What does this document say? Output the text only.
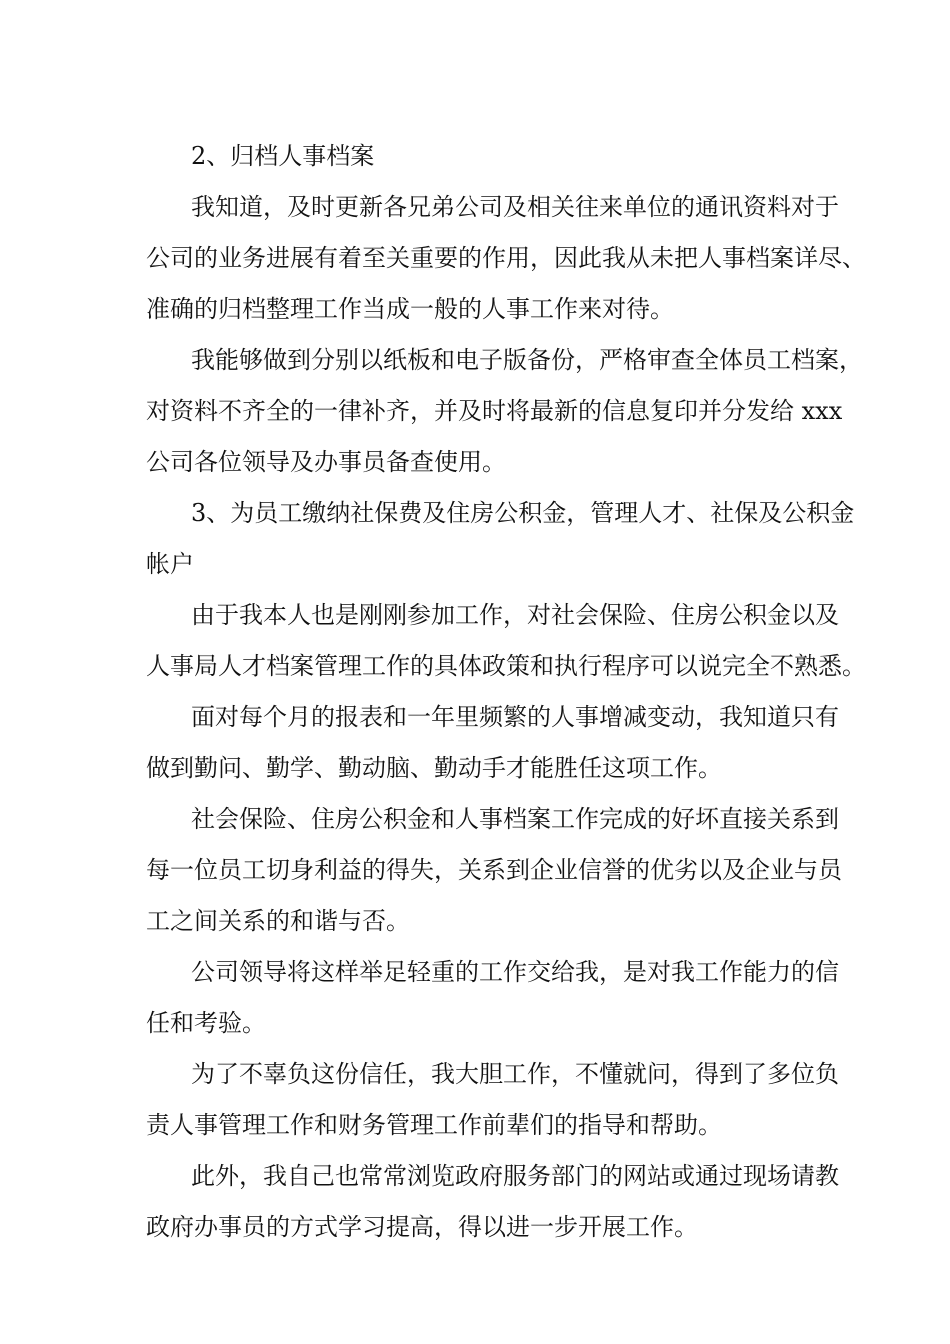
2、归档人事档案
我知道，及时更新各兄弟公司及相关往来单位的通讯资料对于
公司的业务进展有着至关重要的作用，因此我从未把人事档案详尽、
准确的归档整理工作当成一般的人事工作来对待。
我能够做到分别以纸板和电子版备份，严格审查全体员工档案，
对资料不齐全的一律补齐，并及时将最新的信息复印并分发给 xxx
公司各位领导及办事员备查使用。
3、为员工缴纳社保费及住房公积金，管理人才、社保及公积金
帐户
由于我本人也是刚刚参加工作，对社会保险、住房公积金以及
人事局人才档案管理工作的具体政策和执行程序可以说完全不熟悉。
面对每个月的报表和一年里频繁的人事增减变动，我知道只有
做到勤问、勤学、勤动脑、勤动手才能胜任这项工作。
社会保险、住房公积金和人事档案工作完成的好坏直接关系到
每一位员工切身利益的得失，关系到企业信誉的优劣以及企业与员
工之间关系的和谐与否。
公司领导将这样举足轻重的工作交给我，是对我工作能力的信
任和考验。
为了不辜负这份信任，我大胆工作，不懂就问，得到了多位负
责人事管理工作和财务管理工作前辈们的指导和帮助。
此外，我自己也常常浏览政府服务部门的网站或通过现场请教
政府办事员的方式学习提高，得以进一步开展工作。
